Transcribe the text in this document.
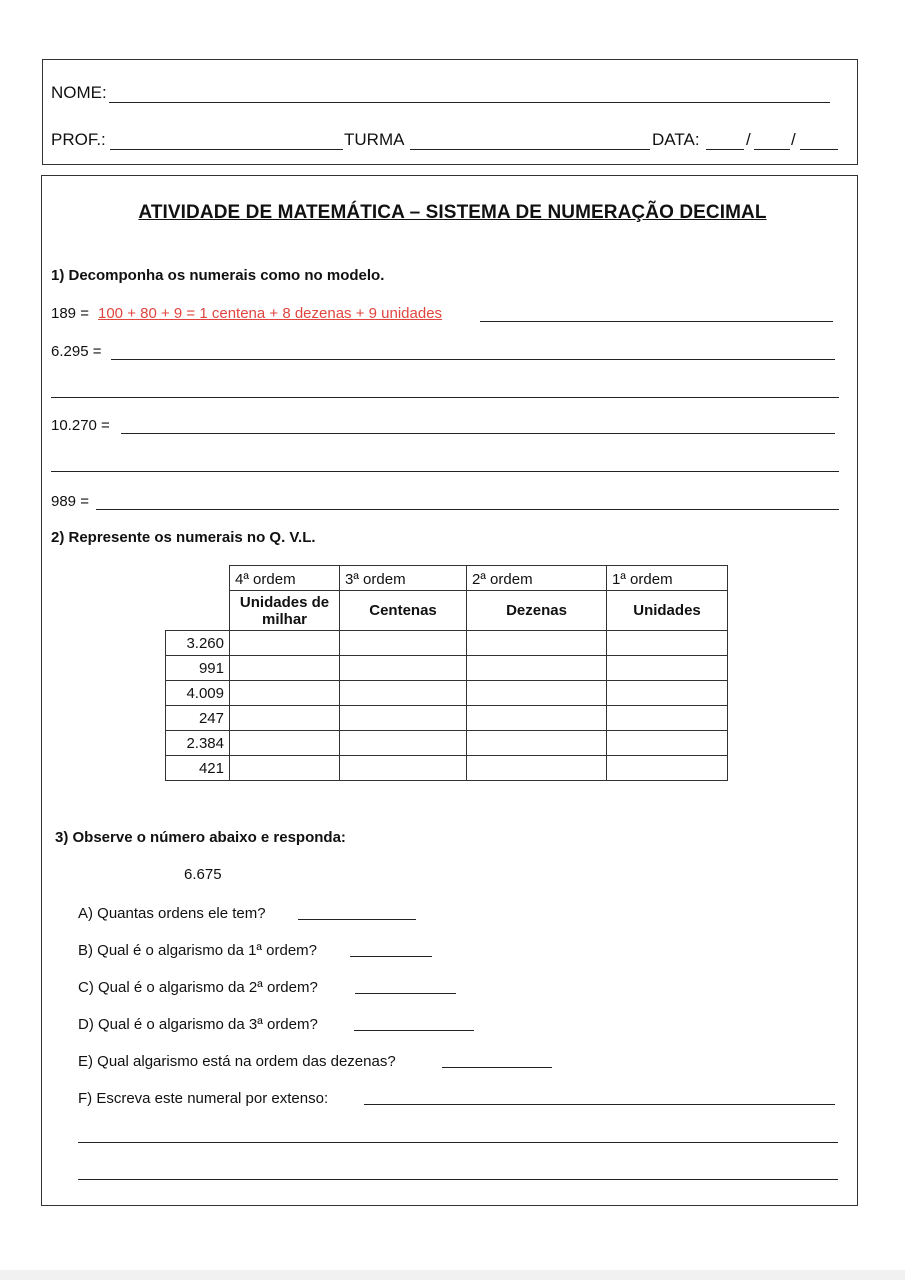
NOME:
PROF.:	TURMA	DATA:	/ /
ATIVIDADE DE MATEMÁTICA – SISTEMA DE NUMERAÇÃO DECIMAL
1) Decomponha os numerais como no modelo.
189 = 100 + 80 + 9 = 1 centena + 8 dezenas + 9 unidades
6.295 =
10.270 =
989 =
2) Represente os numerais no Q. V.L.
	4ª ordem	3ª ordem	2ª ordem	1ª ordem
	Unidades de milhar	Centenas	Dezenas	Unidades
3.260				
991				
4.009				
247				
2.384				
421				
3) Observe o número abaixo e responda:
6.675
A) Quantas ordens ele tem?
B) Qual é o algarismo da 1ª ordem?
C) Qual é o algarismo da 2ª ordem?
D) Qual é o algarismo da 3ª ordem?
E) Qual algarismo está na ordem das dezenas?
F) Escreva este numeral por extenso:
